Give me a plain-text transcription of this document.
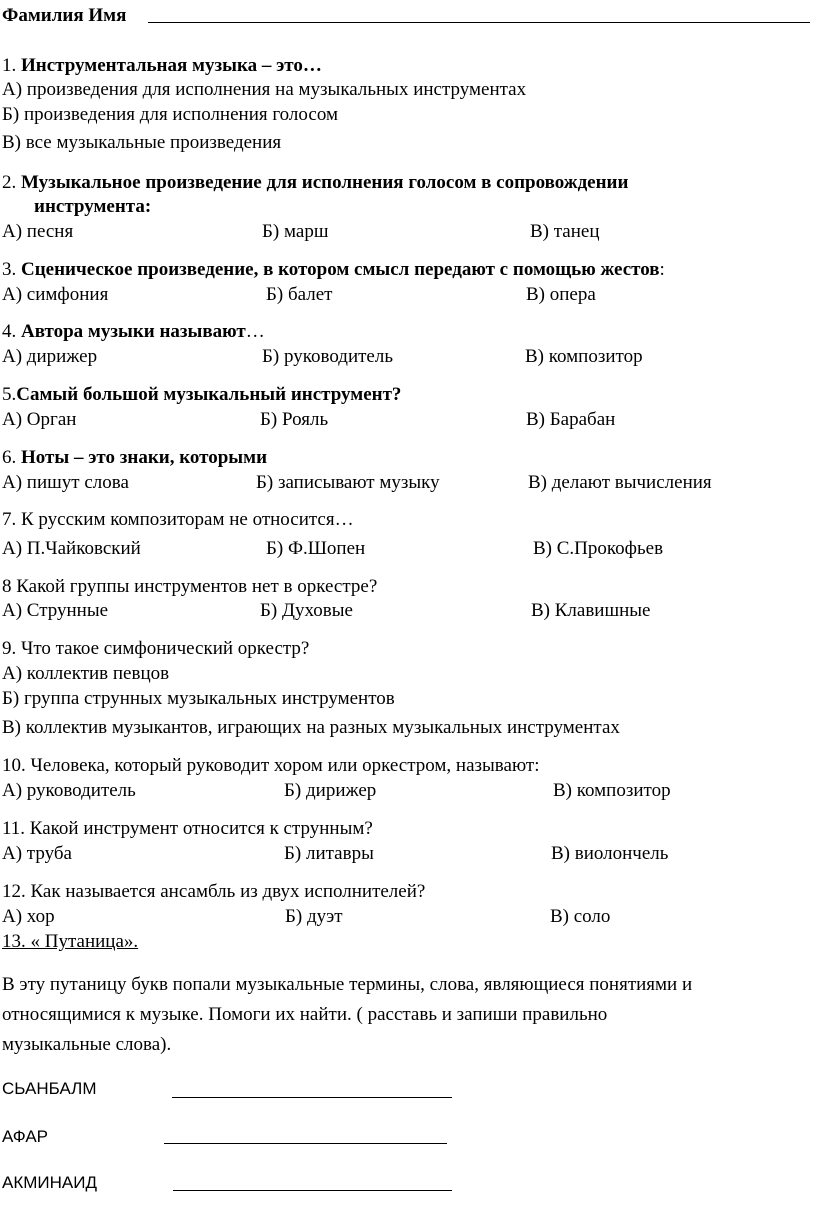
Фамилия Имя
1. Инструментальная музыка – это…
А) произведения для исполнения на музыкальных инструментах
Б) произведения для исполнения голосом
В) все музыкальные произведения
2. Музыкальное произведение для исполнения голосом в сопровождении
инструмента:
А) песня	Б) марш	В) танец
3. Сценическое произведение, в котором смысл передают с помощью жестов:
А) симфония	Б) балет	В) опера
4. Автора музыки называют…
А) дирижер	Б) руководитель	В) композитор
5.Самый большой музыкальный инструмент?
А) Орган	Б) Рояль	В) Барабан
6. Ноты – это знаки, которыми
А) пишут слова	Б) записывают музыку	В) делают вычисления
7. К русским композиторам не относится…
А) П.Чайковский	Б) Ф.Шопен	В) С.Прокофьев
8 Какой группы инструментов нет в оркестре?
А) Струнные	Б) Духовые	В) Клавишные
9. Что такое симфонический оркестр?
А) коллектив певцов
Б) группа струнных музыкальных инструментов
В) коллектив музыкантов, играющих на разных музыкальных инструментах
10. Человека, который руководит хором или оркестром, называют:
А) руководитель	Б) дирижер	В) композитор
11. Какой инструмент относится к струнным?
А) труба	Б) литавры	В) виолончель
12. Как называется ансамбль из двух исполнителей?
А) хор	Б) дуэт	В) соло
13. « Путаница».
В эту путаницу букв попали музыкальные термины, слова, являющиеся понятиями и
относящимися к музыке. Помоги их найти. ( расставь и запиши правильно
музыкальные слова).
СЬАНБАЛМ
АФАР
АКМИНАИД
